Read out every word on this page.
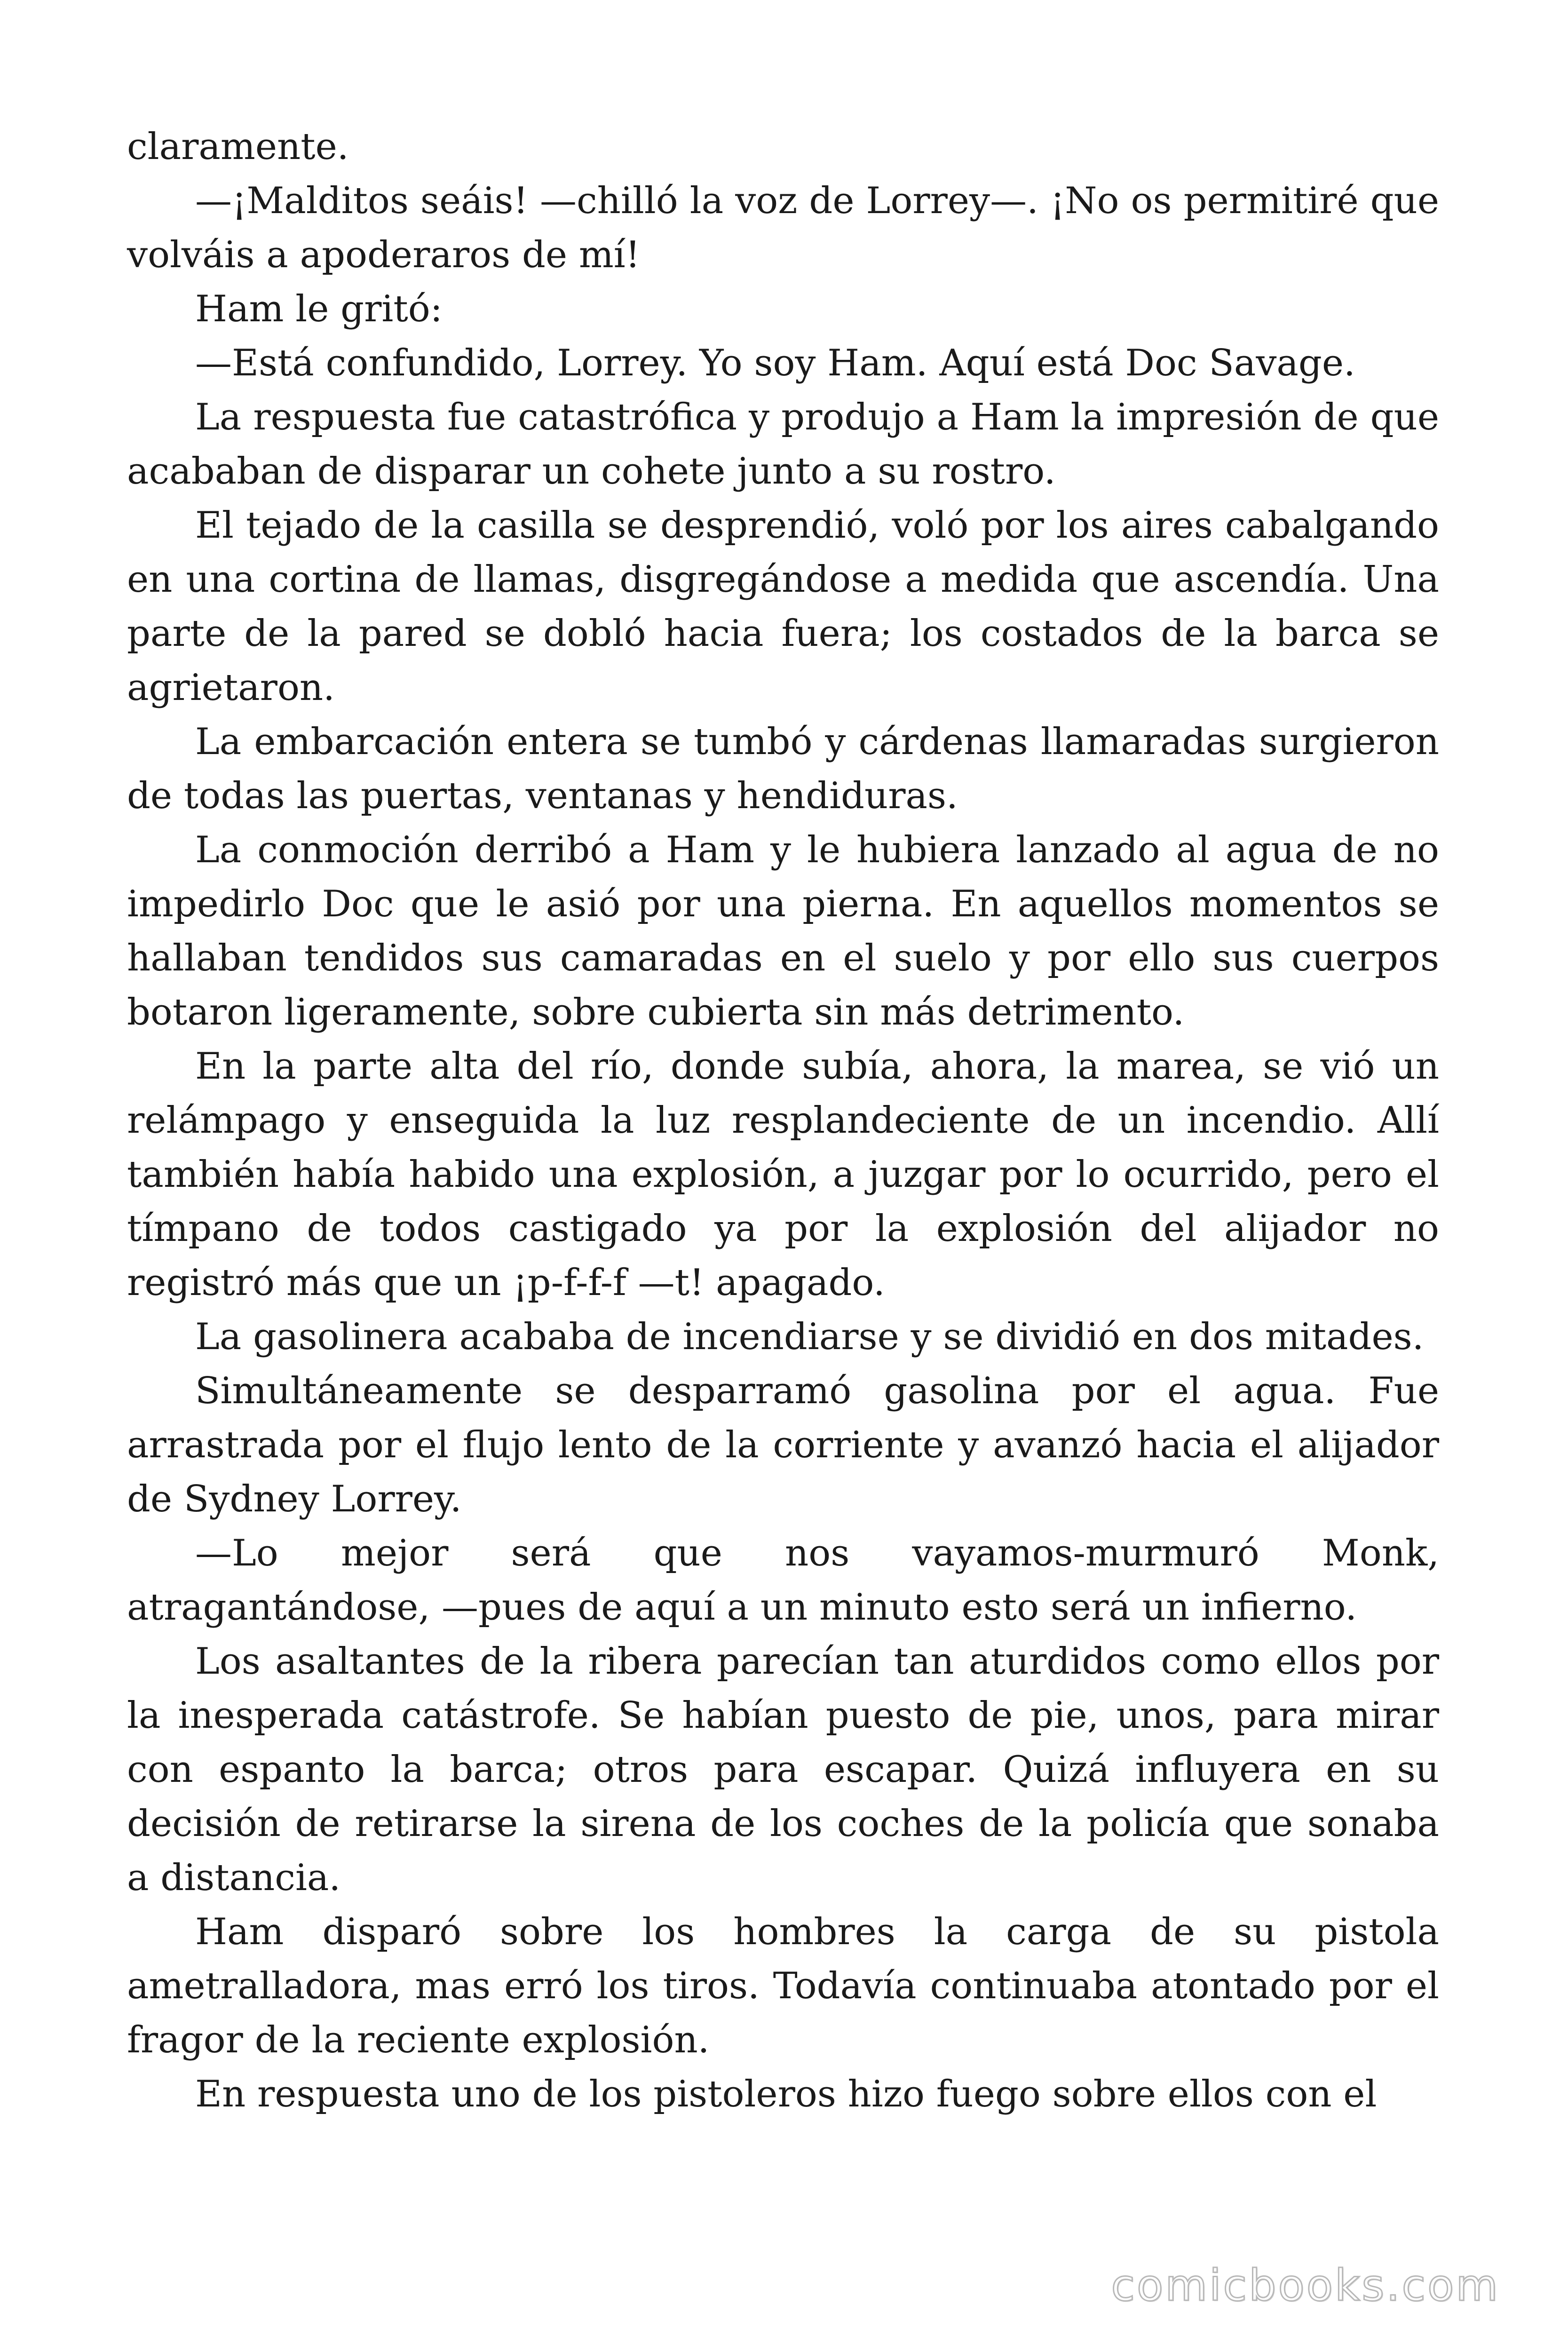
claramente.

—¡Malditos seáis! —chilló la voz de Lorrey—. ¡No os permitiré que volváis a apoderaros de mí!

Ham le gritó:

—Está confundido, Lorrey. Yo soy Ham. Aquí está Doc Savage.

La respuesta fue catastrófica y produjo a Ham la impresión de que acababan de disparar un cohete junto a su rostro.

El tejado de la casilla se desprendió, voló por los aires cabalgando en una cortina de llamas, disgregándose a medida que ascendía. Una parte de la pared se dobló hacia fuera; los costados de la barca se agrietaron.

La embarcación entera se tumbó y cárdenas llamaradas surgieron de todas las puertas, ventanas y hendiduras.

La conmoción derribó a Ham y le hubiera lanzado al agua de no impedirlo Doc que le asió por una pierna. En aquellos momentos se hallaban tendidos sus camaradas en el suelo y por ello sus cuerpos botaron ligeramente, sobre cubierta sin más detrimento.

En la parte alta del río, donde subía, ahora, la marea, se vió un relámpago y enseguida la luz resplandeciente de un incendio. Allí también había habido una explosión, a juzgar por lo ocurrido, pero el tímpano de todos castigado ya por la explosión del alijador no registró más que un ¡p-f-f-f —t! apagado.

La gasolinera acababa de incendiarse y se dividió en dos mitades.

Simultáneamente se desparramó gasolina por el agua. Fue arrastrada por el flujo lento de la corriente y avanzó hacia el alijador de Sydney Lorrey.

—Lo mejor será que nos vayamos-murmuró Monk, atragantándose, —pues de aquí a un minuto esto será un infierno.

Los asaltantes de la ribera parecían tan aturdidos como ellos por la inesperada catástrofe. Se habían puesto de pie, unos, para mirar con espanto la barca; otros para escapar. Quizá influyera en su decisión de retirarse la sirena de los coches de la policía que sonaba a distancia.

Ham disparó sobre los hombres la carga de su pistola ametralladora, mas erró los tiros. Todavía continuaba atontado por el fragor de la reciente explosión.

En respuesta uno de los pistoleros hizo fuego sobre ellos con el

comicbooks.com
